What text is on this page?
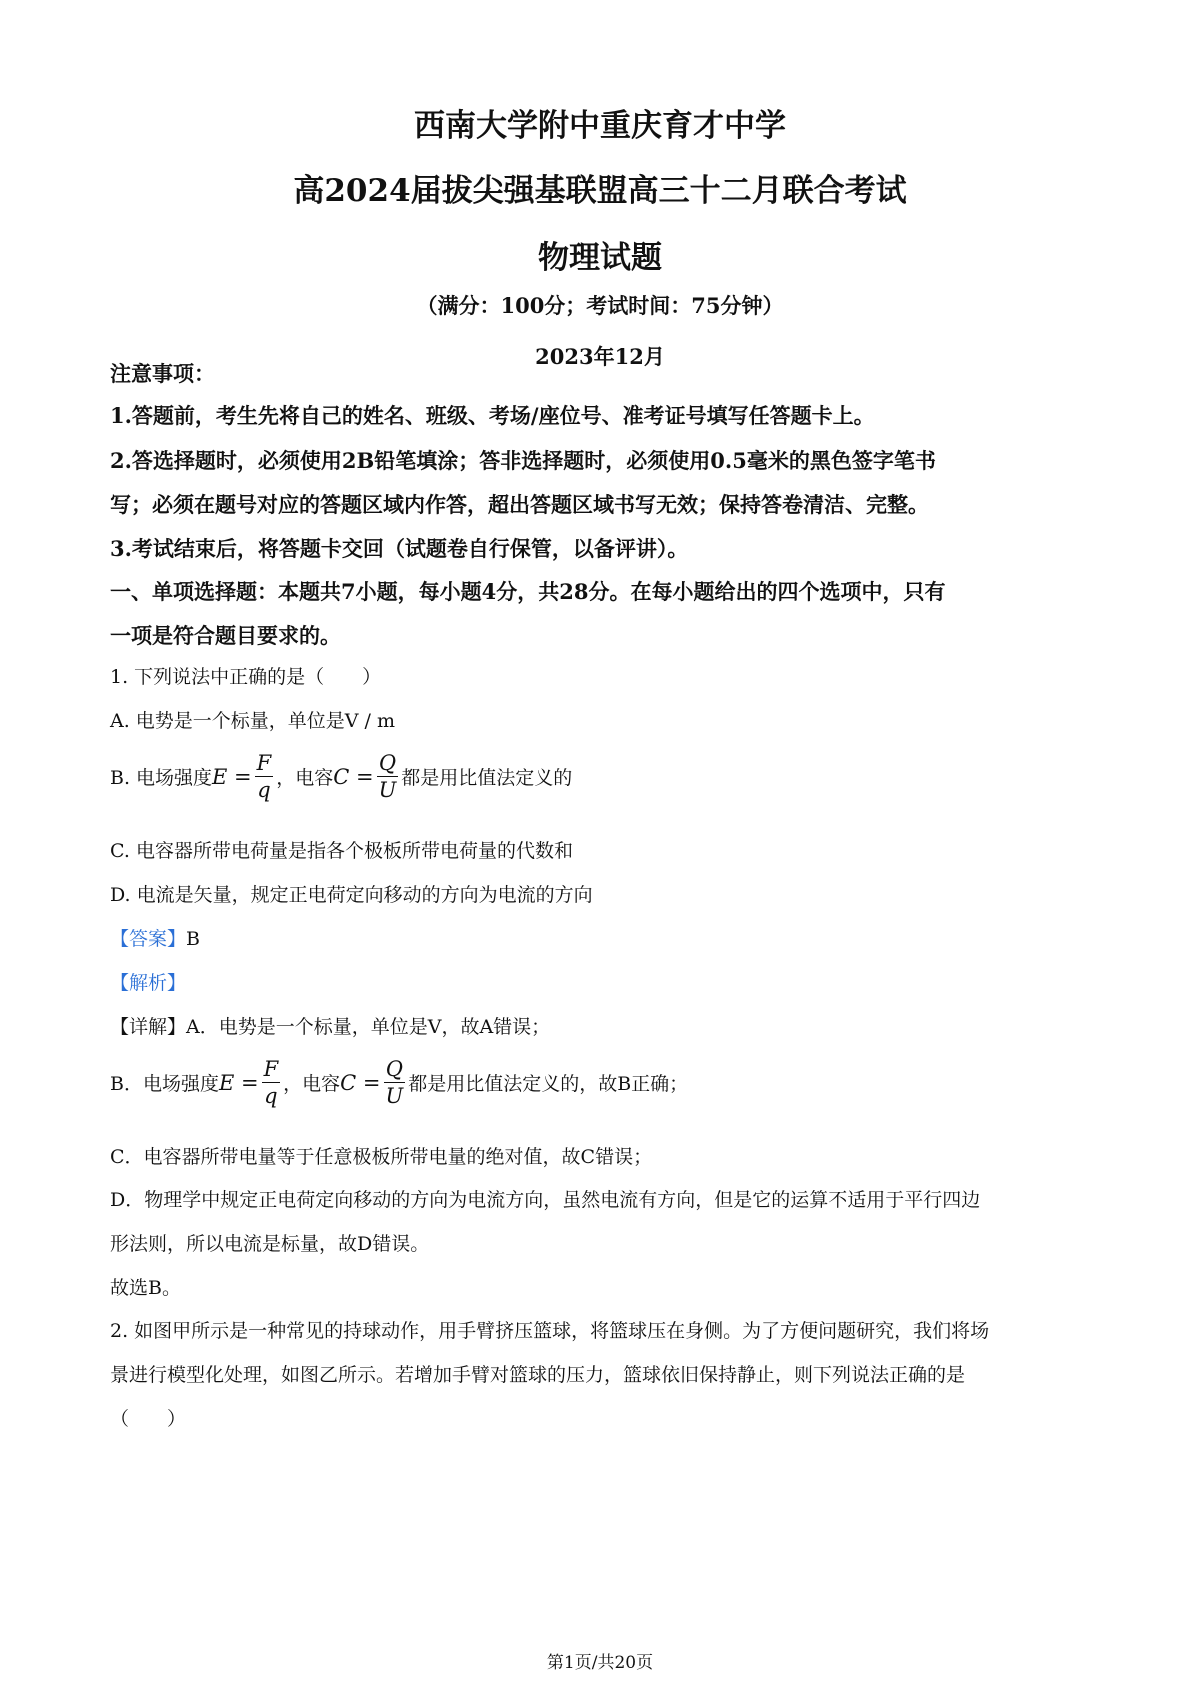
西南大学附中重庆育才中学
高2024届拔尖强基联盟高三十二月联合考试
物理试题
（满分：100分；考试时间：75分钟）
2023年12月
注意事项：
1.答题前，考生先将自己的姓名、班级、考场/座位号、准考证号填写任答题卡上。
2.答选择题时，必须使用2B铅笔填涂；答非选择题时，必须使用0.5毫米的黑色签字笔书
写；必须在题号对应的答题区域内作答，超出答题区域书写无效；保持答卷清洁、完整。
3.考试结束后，将答题卡交回（试题卷自行保管，以备评讲）。
一、单项选择题：本题共7小题，每小题4分，共28分。在每小题给出的四个选项中，只有
一项是符合题目要求的。
1. 下列说法中正确的是（　　）
A. 电势是一个标量，单位是V / m
B. 电场强度 $E = \frac{F}{q}$ ，电容 $C = \frac{Q}{U}$ 都是用比值法定义的
C. 电容器所带电荷量是指各个极板所带电荷量的代数和
D. 电流是矢量，规定正电荷定向移动的方向为电流的方向
【答案】B
【解析】
【详解】A．电势是一个标量，单位是V，故A错误；
B．电场强度 $E = \frac{F}{q}$ ，电容 $C = \frac{Q}{U}$ 都是用比值法定义的，故B正确；
C．电容器所带电量等于任意极板所带电量的绝对值，故C错误；
D．物理学中规定正电荷定向移动的方向为电流方向，虽然电流有方向，但是它的运算不适用于平行四边
形法则，所以电流是标量，故D错误。
故选B。
2. 如图甲所示是一种常见的持球动作，用手臂挤压篮球，将篮球压在身侧。为了方便问题研究，我们将场
景进行模型化处理，如图乙所示。若增加手臂对篮球的压力，篮球依旧保持静止，则下列说法正确的是
（　　）
第1页/共20页
